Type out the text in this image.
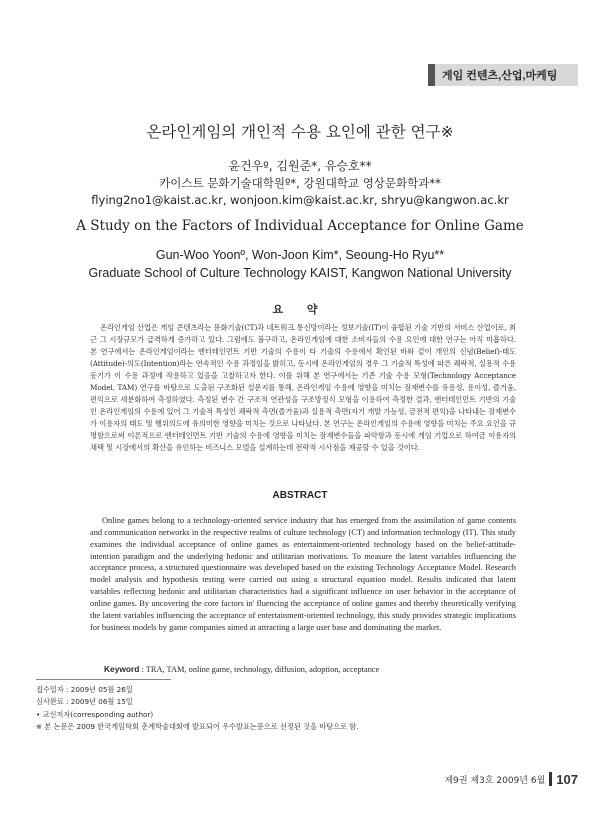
게임 컨텐츠,산업,마케팅
온라인게임의 개인적 수용 요인에 관한 연구※
윤건우º, 김원준*, 유승호**
카이스트 문화기술대학원º*, 강원대학교 영상문화학과**
flying2no1@kaist.ac.kr, wonjoon.kim@kaist.ac.kr, shryu@kangwon.ac.kr
A Study on the Factors of Individual Acceptance for Online Game
Gun-Woo Yoonº, Won-Joon Kim*, Seoung-Ho Ryu**
Graduate School of Culture Technology KAIST, Kangwon National University
요 약
온라인게임 산업은 게임 콘텐츠라는 문화기술(CT)과 네트워크 통신망이라는 정보기술(IT)이 융합된 기술 기반의 서비스 산업이로, 최근 그 시장규모가 급격하게 증가하고 있다. 그럼에도 불구하고, 온라인게임에 대한 소비자들의 수용 요인에 대한 연구는 아직 미흡하다. 본 연구에서는 온라인게임이라는 엔터테인먼트 기반 기술의 수용이 타 기술의 수용에서 확인된 바와 같이 개인의 신념(Belief)-태도(Attitude)-의도(Intention)라는 연속적인 수용 과정임을 밝히고, 동시에 온라인게임의 경우 그 기술적 특성에 따른 쾌락적, 실용적 수용 동기가 이 수용 과정에 작용하고 있음을 고찰하고자 한다. 이를 위해 본 연구에서는 기존 기술 수용 모형(Technology Acceptance Model, TAM) 연구를 바탕으로 도출된 구조화된 설문지를 통해, 온라인게임 수용에 영향을 미치는 잠재변수를 유용성, 용이성, 즐거움, 편익으로 세분화하여 측정하였다. 측정된 변수 간 구조적 연관성을 구조방정식 모형을 이용하여 측정한 결과, 엔터테인먼트 기반의 기술인 온라인게임의 수용에 있어 그 기술적 특성인 쾌락적 측면(즐거움)과 실용적 측면(자기 개발 가능성, 금전적 편익)을 나타내는 잠재변수가 이용자의 태도 및 행위의도에 유의미한 영향을 미치는 것으로 나타났다. 본 연구는 온라인게임의 수용에 영향을 미치는 주요 요인을 규명함으로써 이론적으로 엔터테인먼트 기반 기술의 수용에 영향을 미치는 잠재변수들을 파악함과 동시에 게임 기업으로 하여금 이용자의 채택 및 시장에서의 확산을 유인하는 비즈니스 모델을 설계하는데 전략적 시사점을 제공할 수 있을 것이다.
ABSTRACT
Online games belong to a technology-oriented service industry that has emerged from the assimilation of game contents and communication networks in the respective realms of culture technology (CT) and information technology (IT). This study examines the individual acceptance of online games as entertainment-oriented technology based on the belief-attitude-intention paradigm and the underlying hedonic and utilitarian motivations. To measure the latent variables influencing the acceptance process, a structured questionnaire was developed based on the existing Technology Acceptance Model. Research model analysis and hypothesis testing were carried out using a structural equation model. Results indicated that latent variables reflecting hedonic and utilitarian characteristics had a significant influence on user behavior in the acceptance of online games. By uncovering the core factors in' fluencing the acceptance of online games and thereby theoretically verifying the latent variables influencing the acceptance of entertainment-oriented technology, this study provides strategic implications for business models by game companies aimed at attracting a large user base and dominating the market.
Keyword : TRA, TAM, online game, technology, diffusion, adoption, acceptance
접수일자 : 2009년 05월 26일
심사완료 : 2009년 06월 15일
• 교신저자(corresponding author)
※ 본 논문은 2009 한국게임학회 춘계학술대회에 발표되어 우수발표논문으로 선정된 것을 바탕으로 함.
제9권 제3호 2009년 6월 107
